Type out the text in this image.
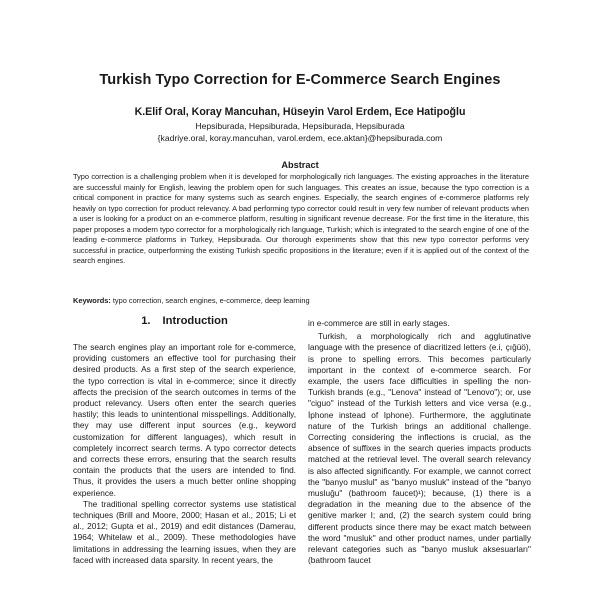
Turkish Typo Correction for E-Commerce Search Engines
K.Elif Oral, Koray Mancuhan, Hüseyin Varol Erdem, Ece Hatipoğlu
Hepsiburada, Hepsiburada, Hepsiburada, Hepsiburada
{kadriye.oral, koray.mancuhan, varol.erdem, ece.aktan}@hepsiburada.com
Abstract
Typo correction is a challenging problem when it is developed for morphologically rich languages. The existing approaches in the literature are successful mainly for English, leaving the problem open for such languages. This creates an issue, because the typo correction is a critical component in practice for many systems such as search engines. Especially, the search engines of e-commerce platforms rely heavily on typo correction for product relevancy. A bad performing typo corrector could result in very few number of relevant products when a user is looking for a product on an e-commerce platform, resulting in significant revenue decrease. For the first time in the literature, this paper proposes a modern typo corrector for a morphologically rich language, Turkish; which is integrated to the search engine of one of the leading e-commerce platforms in Turkey, Hepsiburada. Our thorough experiments show that this new typo corrector performs very successful in practice, outperforming the existing Turkish specific propositions in the literature; even if it is applied out of the context of the search engines.
Keywords: typo correction, search engines, e-commerce, deep learning
1. Introduction

The search engines play an important role for e-commerce, providing customers an effective tool for purchasing their desired products. As a first step of the search experience, the typo correction is vital in e-commerce; since it directly affects the precision of the search outcomes in terms of the product relevancy. Users often enter the search queries hastily; this leads to unintentional misspellings. Additionally, they may use different input sources (e.g., keyword customization for different languages), which result in completely incorrect search terms. A typo corrector detects and corrects these errors, ensuring that the search results contain the products that the users are intended to find. Thus, it provides the users a much better online shopping experience.

The traditional spelling corrector systems use statistical techniques (Brill and Moore, 2000; Hasan et al., 2015; Li et al., 2012; Gupta et al., 2019) and edit distances (Damerau, 1964; Whitelaw et al., 2009). These methodologies have limitations in addressing the learning issues, when they are faced with increased data sparsity. In recent years, the

in e-commerce are still in early stages.

Turkish, a morphologically rich and agglutinative language with the presence of diacritized letters (e.i, çığüö), is prone to spelling errors. This becomes particularly important in the context of e-commerce search. For example, the users face difficulties in spelling the non-Turkish brands (e.g., "Lenova" instead of "Lenovo"); or, use "ciguo" instead of the Turkish letters and vice versa (e.g., İphone instead of Iphone). Furthermore, the agglutinate nature of the Turkish brings an additional challenge. Correcting considering the inflections is crucial, as the absence of suffixes in the search queries impacts products matched at the retrieval level. The overall search relevancy is also affected significantly. For example, we cannot correct the "banyo muslul" as "banyo musluk" instead of the "banyo musluğu" (bathroom faucet)¹); because, (1) there is a degradation in the meaning due to the absence of the genitive marker I; and, (2) the search system could bring different products since there may be exact match between the word "musluk" and other product names, under partially relevant categories such as "banyo musluk aksesuarları" (bathroom faucet
